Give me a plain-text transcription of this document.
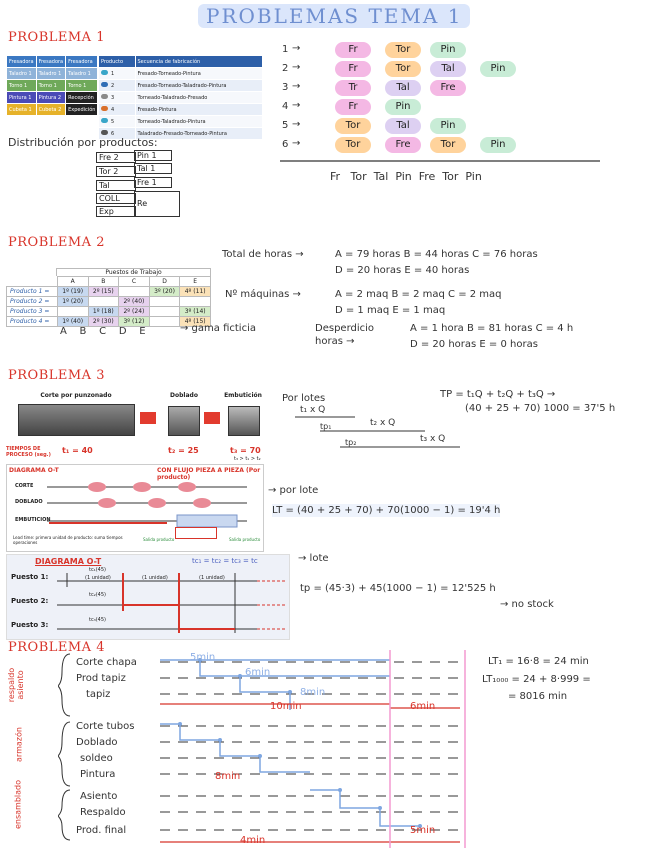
PROBLEMAS TEMA 1
PROBLEMA 1
Fresadora	Fresadora	Fresadora
Taladro 1	Taladro 1	Taladro 1
Torno 1	Torno 1	Torno 1
Pintura 1	Pintura 2	Recepción
Cubeta 1	Cubeta 2	Expedición
Producto	Secuencia de fabricación
1	Fresado-Torneado-Pintura
2	Fresado-Torneado-Taladrado-Pintura
3	Torneado-Taladrado-Fresado
4	Fresado-Pintura
5	Torneado-Taladrado-Pintura
6	Taladrado-Fresado-Torneado-Pintura
Distribución por productos:
Fre 2	Pin 1
Tor 2	Tal 1
Tal	Fre 1
COLL
Re
Exp
1 →	Fr	Tor	Pin
2 →	Fr	Tor	Tal	Pin
3 →	Tr	Tal	Fre
4 →	Fr	Pin
5 →	Tor	Tal	Pin
6 →	Tor	Fre	Tor	Pin
Fr   Tor  Tal  Pin  Fre  Tor  Pin
PROBLEMA 2
Puestos de Trabajo
	A	B	C	D	E
Producto 1 =	1º (19)	2º (15)		3º (20)	4º (11)
Producto 2 =	1º (20)		2º (40)		
Producto 3 =		1º (18)	2º (24)		3º (14)
Producto 4 =	1º (40)	2º (30)	3º (12)		4º (15)
A    B    C    D    E	→ gama ficticia
Total de horas →	A = 79 horas B = 44 horas C = 76 horas
D = 20 horas E = 40 horas
Nº máquinas →	A = 2 maq B = 2 maq C = 2 maq
D = 1 maq E = 1 maq
Desperdicio horas →
A = 1 hora B = 81 horas C = 4 h
D = 20 horas E = 0 horas
PROBLEMA 3
Corte por punzonado	Doblado	Embutición
TIEMPOS DE PROCESO (seg.)	t₁ = 40	t₂ = 25	t₃ = 70
t₃ > t₁ > t₂
Por lotes
t₁ x Q
tp₁	t₂ x Q
tp₂	t₃ x Q
TP = t₁Q + t₂Q + t₃Q →
(40 + 25 + 70) 1000 = 37'5 h
DIAGRAMA O-T	CON FLUJO PIEZA A PIEZA (Por producto)
CORTE
DOBLADO
EMBUTICION
Lead time: primera unidad de producto: suma tiempos operaciones
Salida producto	Salida producto
→ por lote
LT = (40 + 25 + 70) + 70(1000 − 1) = 19'4 h
DIAGRAMA O-T	tc₁ = tc₂ = tc₃ = tc
Puesto 1:
Puesto 2:
Puesto 3:
tc₁(45)
tc₂(45)
tc₃(45)
(1 unidad)	(1 unidad)	(1 unidad)
→ lote
tp = (45·3) + 45(1000 − 1) = 12'525 h
→ no stock
PROBLEMA 4
respaldo asiento
armazón
ensamblado
Corte chapa
Prod tapiz
tapiz
Corte tubos
Doblado
soldeo
Pintura
Asiento
Respaldo
Prod. final
5min
6min
8min
10min	6min
8min
5min
4min
LT₁ = 16·8 = 24 min
LT₁₀₀₀ = 24 + 8·999 =
= 8016 min
